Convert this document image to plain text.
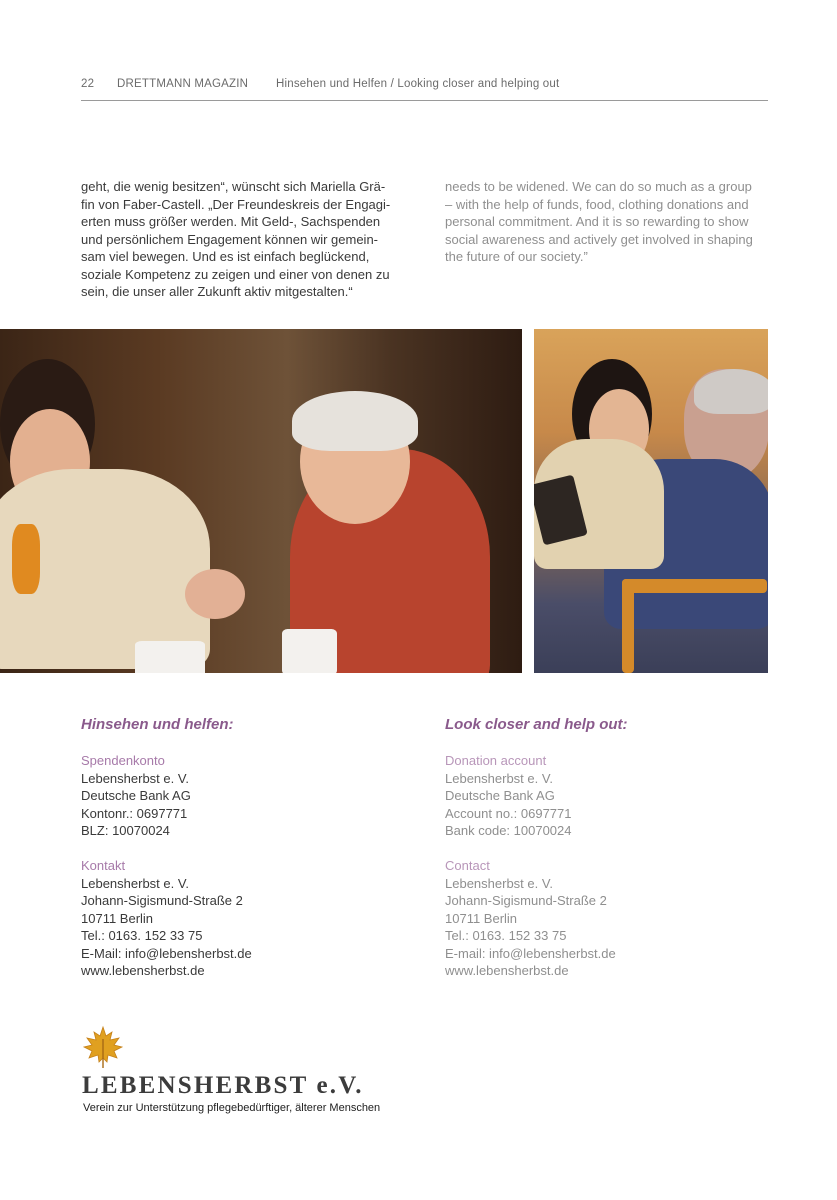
22 DRETTMANN MAGAZIN Hinsehen und Helfen / Looking closer and helping out
geht, die wenig besitzen“, wünscht sich Mariella Grä-
fin von Faber-Castell. „Der Freundeskreis der Engagi-
erten muss größer werden. Mit Geld-, Sachspenden
und persönlichem Engagement können wir gemein-
sam viel bewegen. Und es ist einfach beglückend,
soziale Kompetenz zu zeigen und einer von denen zu
sein, die unser aller Zukunft aktiv mitgestalten.“
needs to be widened. We can do so much as a group
– with the help of funds, food, clothing donations and
personal commitment. And it is so rewarding to show
social awareness and actively get involved in shaping
the future of our society.”
Hinsehen und helfen:	Look closer and help out:
Spendenkonto
Lebensherbst e. V.
Deutsche Bank AG
Kontonr.: 0697771
BLZ: 10070024
Kontakt
Lebensherbst e. V.
Johann-Sigismund-Straße 2
10711 Berlin
Tel.: 0163. 152 33 75
E-Mail: info@lebensherbst.de
www.lebensherbst.de
Donation account
Lebensherbst e. V.
Deutsche Bank AG
Account no.: 0697771
Bank code: 10070024
Contact
Lebensherbst e. V.
Johann-Sigismund-Straße 2
10711 Berlin
Tel.: 0163. 152 33 75
E-mail: info@lebensherbst.de
www.lebensherbst.de
LEBENSHERBST e.V.
Verein zur Unterstützung pflegebedürftiger, älterer Menschen
